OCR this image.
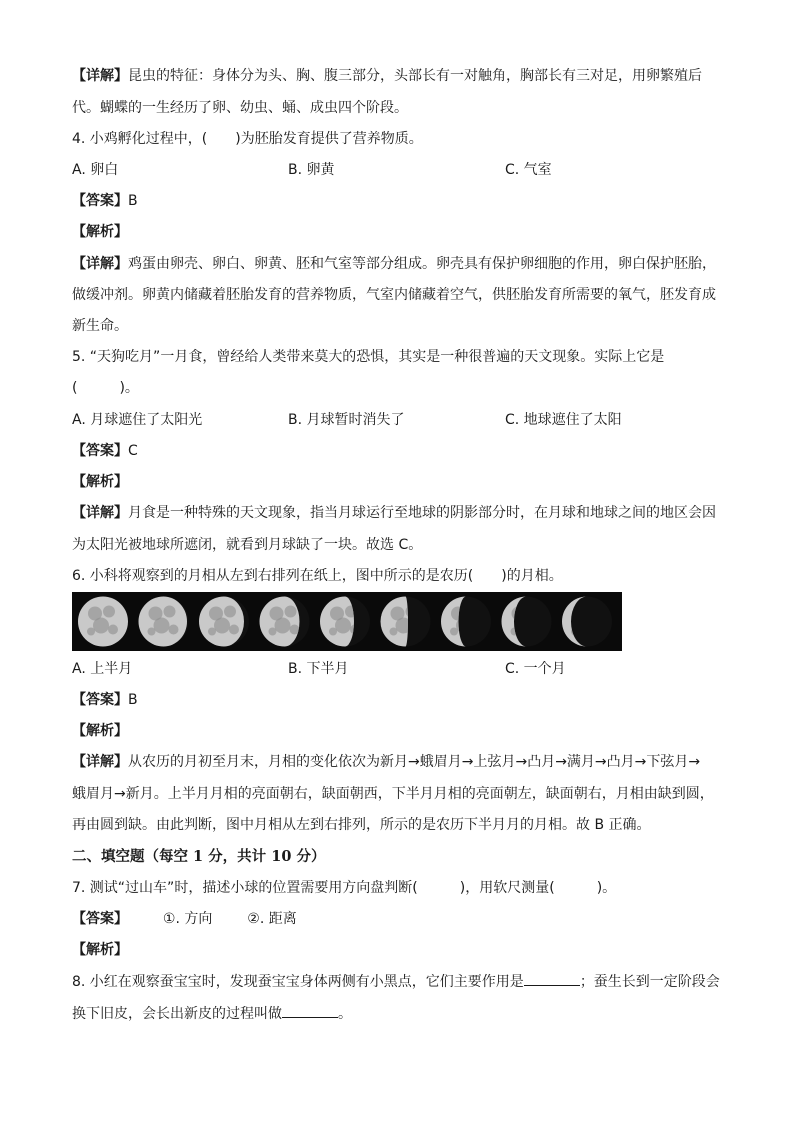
【详解】昆虫的特征：身体分为头、胸、腹三部分，头部长有一对触角，胸部长有三对足，用卵繁殖后
代。蝴蝶的一生经历了卵、幼虫、蛹、成虫四个阶段。
4. 小鸡孵化过程中，(　　)为胚胎发育提供了营养物质。
A. 卵白	B. 卵黄	C. 气室
【答案】B
【解析】
【详解】鸡蛋由卵壳、卵白、卵黄、胚和气室等部分组成。卵壳具有保护卵细胞的作用，卵白保护胚胎，
做缓冲剂。卵黄内储藏着胚胎发育的营养物质，气室内储藏着空气，供胚胎发育所需要的氧气，胚发育成
新生命。
5. “天狗吃月”一月食，曾经给人类带来莫大的恐惧，其实是一种很普遍的天文现象。实际上它是
(　　　)。
A. 月球遮住了太阳光	B. 月球暂时消失了	C. 地球遮住了太阳
【答案】C
【解析】
【详解】月食是一种特殊的天文现象，指当月球运行至地球的阴影部分时，在月球和地球之间的地区会因
为太阳光被地球所遮闭，就看到月球缺了一块。故选 C。
6. 小科将观察到的月相从左到右排列在纸上，图中所示的是农历(　　)的月相。
A. 上半月	B. 下半月	C. 一个月
【答案】B
【解析】
【详解】从农历的月初至月末，月相的变化依次为新月→蛾眉月→上弦月→凸月→满月→凸月→下弦月→
蛾眉月→新月。上半月月相的亮面朝右，缺面朝西，下半月月相的亮面朝左，缺面朝右，月相由缺到圆，
再由圆到缺。由此判断，图中月相从左到右排列，所示的是农历下半月月的月相。故 B 正确。
二、填空题（每空 1 分，共计 10 分）
7. 测试“过山车”时，描述小球的位置需要用方向盘判断(　　　)，用软尺测量(　　　)。
【答案】 ①. 方向 ②. 距离
【解析】
8. 小红在观察蚕宝宝时，发现蚕宝宝身体两侧有小黑点，它们主要作用是	；蚕生长到一定阶段会
换下旧皮，会长出新皮的过程叫做	。
